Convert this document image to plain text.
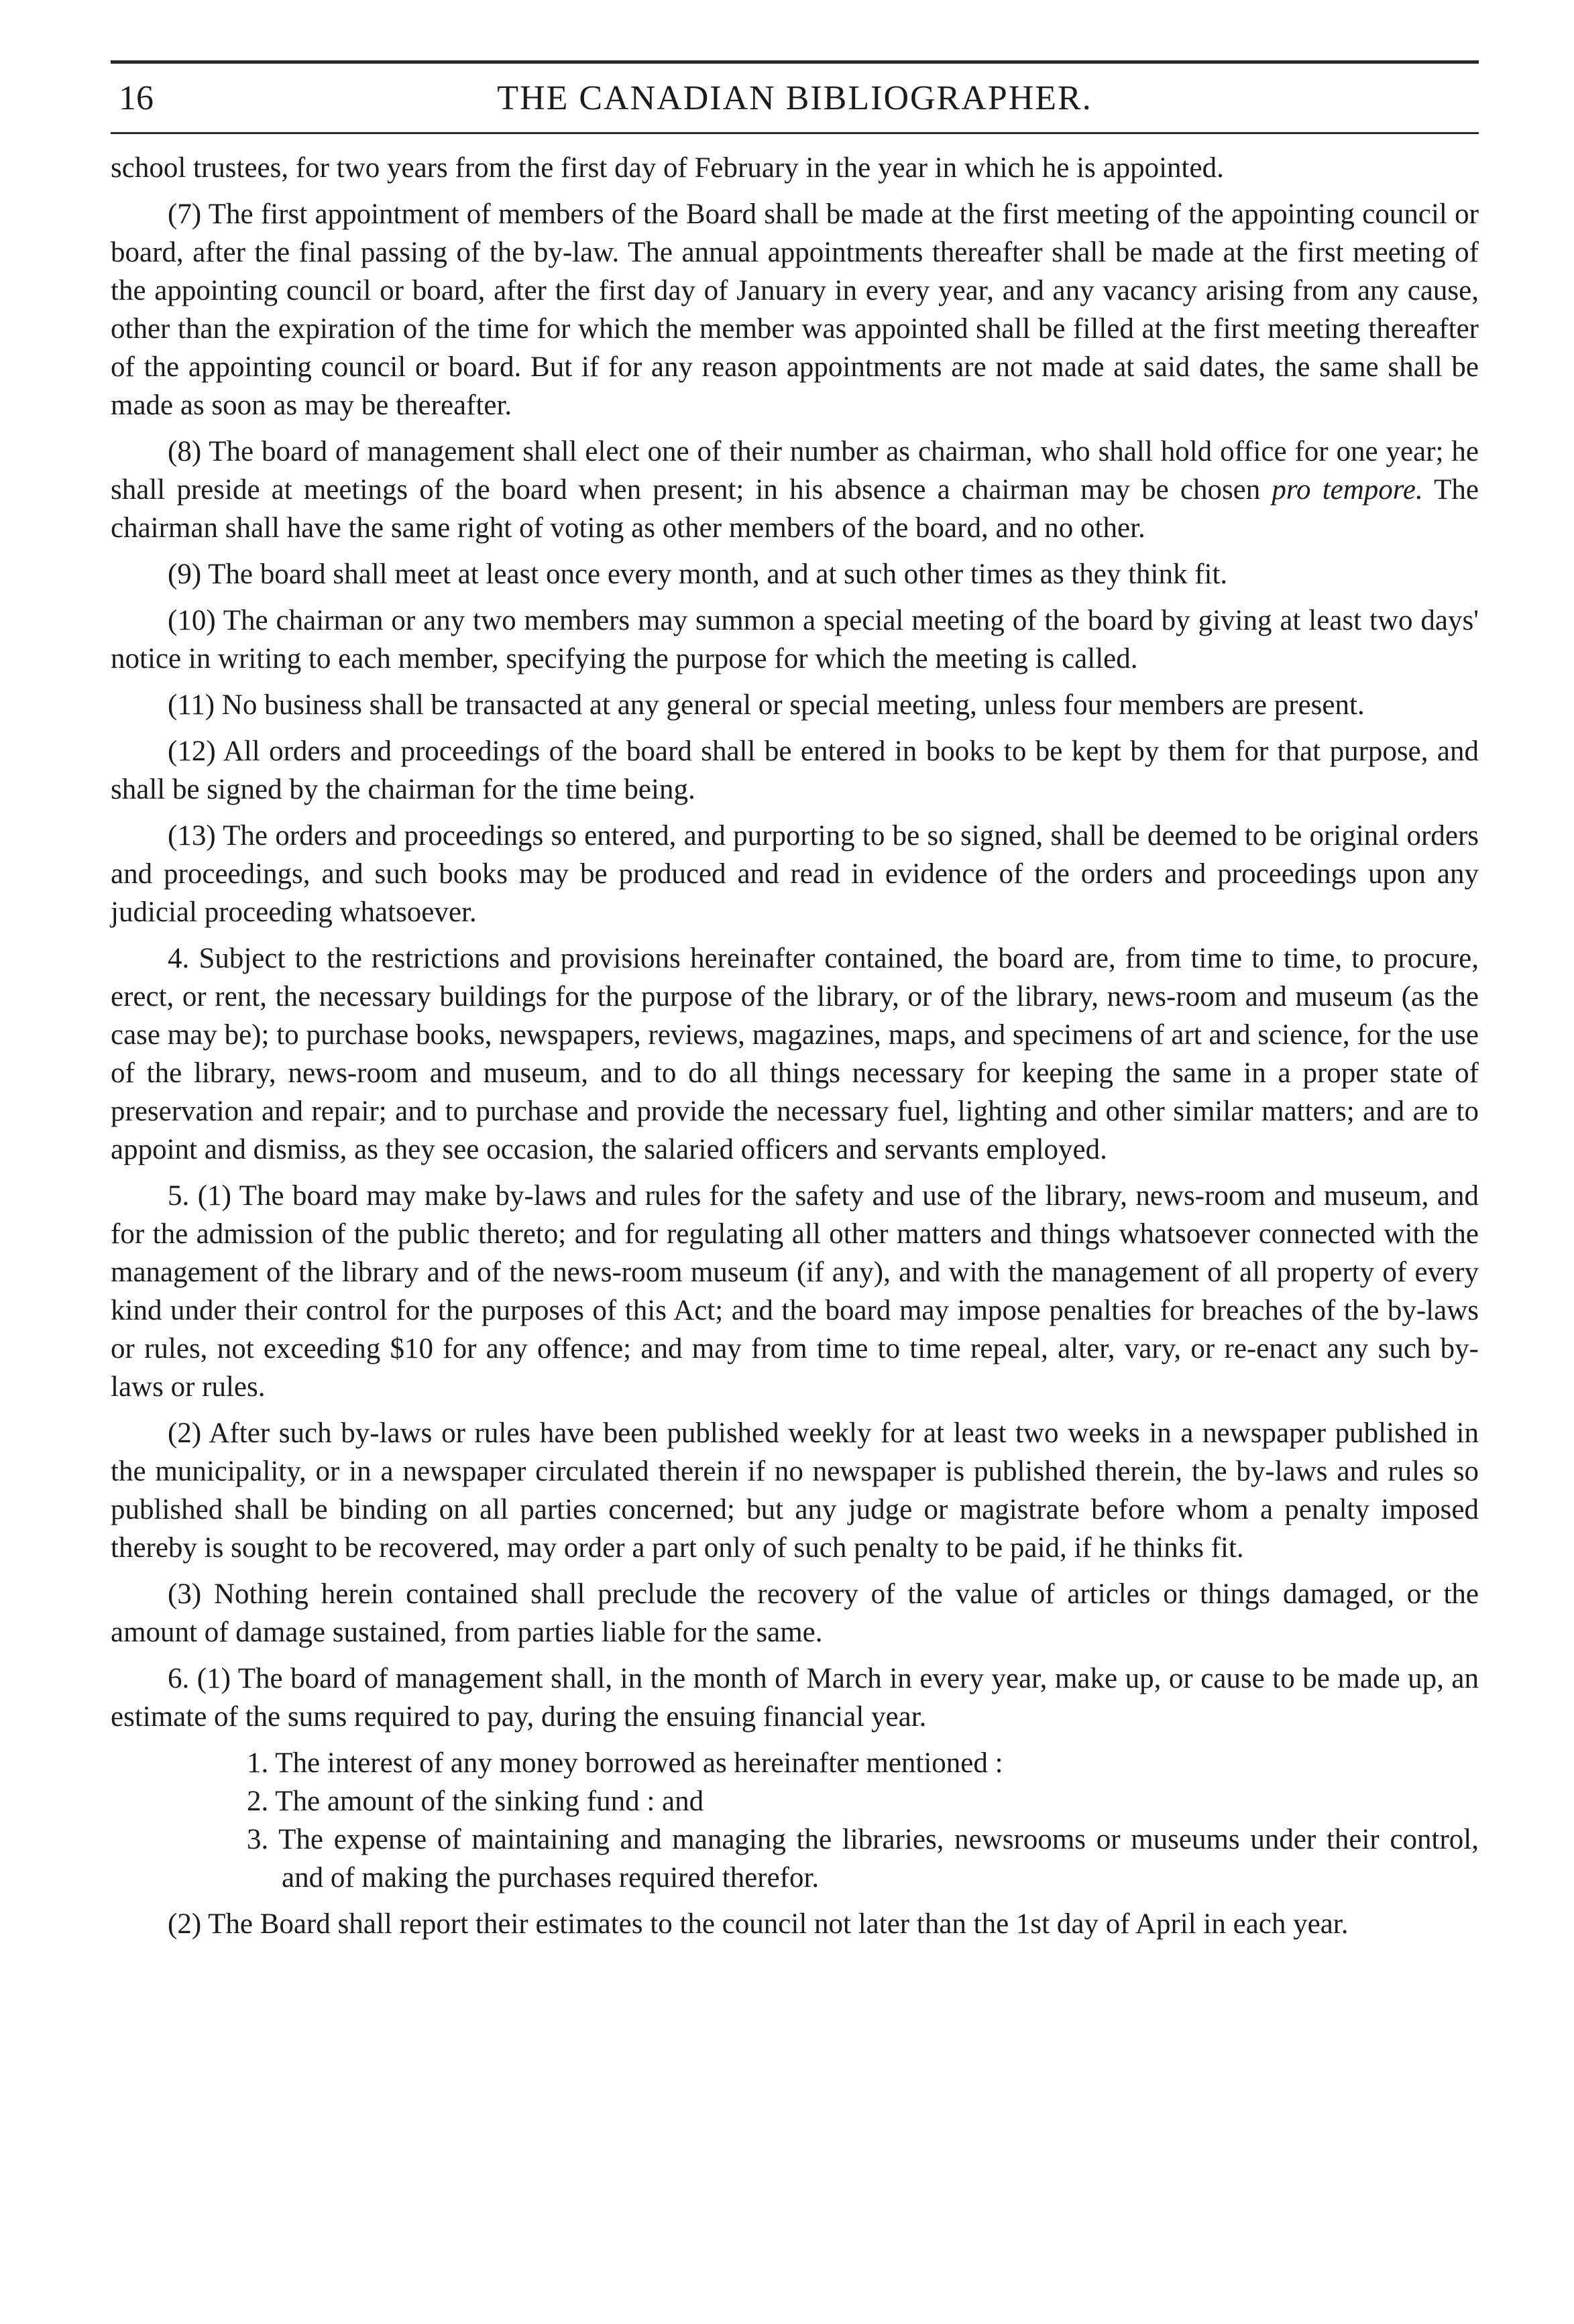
16	THE CANADIAN BIBLIOGRAPHER.

school trustees, for two years from the first day of February in the year in which he is appointed.

(7) The first appointment of members of the Board shall be made at the first meeting of the appointing council or board, after the final passing of the by-law. The annual appointments thereafter shall be made at the first meeting of the appointing council or board, after the first day of January in every year, and any vacancy arising from any cause, other than the expiration of the time for which the member was appointed shall be filled at the first meeting thereafter of the appointing council or board. But if for any reason appointments are not made at said dates, the same shall be made as soon as may be thereafter.

(8) The board of management shall elect one of their number as chairman, who shall hold office for one year; he shall preside at meetings of the board when present; in his absence a chairman may be chosen pro tempore. The chairman shall have the same right of voting as other members of the board, and no other.

(9) The board shall meet at least once every month, and at such other times as they think fit.

(10) The chairman or any two members may summon a special meeting of the board by giving at least two days' notice in writing to each member, specifying the purpose for which the meeting is called.

(11) No business shall be transacted at any general or special meeting, unless four members are present.

(12) All orders and proceedings of the board shall be entered in books to be kept by them for that purpose, and shall be signed by the chairman for the time being.

(13) The orders and proceedings so entered, and purporting to be so signed, shall be deemed to be original orders and proceedings, and such books may be produced and read in evidence of the orders and proceedings upon any judicial proceeding whatsoever.

4. Subject to the restrictions and provisions hereinafter contained, the board are, from time to time, to procure, erect, or rent, the necessary buildings for the purpose of the library, or of the library, news-room and museum (as the case may be); to purchase books, newspapers, reviews, magazines, maps, and specimens of art and science, for the use of the library, news-room and museum, and to do all things necessary for keeping the same in a proper state of preservation and repair; and to purchase and provide the necessary fuel, lighting and other similar matters; and are to appoint and dismiss, as they see occasion, the salaried officers and servants employed.

5. (1) The board may make by-laws and rules for the safety and use of the library, news-room and museum, and for the admission of the public thereto; and for regulating all other matters and things whatsoever connected with the management of the library and of the news-room museum (if any), and with the management of all property of every kind under their control for the purposes of this Act; and the board may impose penalties for breaches of the by-laws or rules, not exceeding $10 for any offence; and may from time to time repeal, alter, vary, or re-enact any such by-laws or rules.

(2) After such by-laws or rules have been published weekly for at least two weeks in a newspaper published in the municipality, or in a newspaper circulated therein if no newspaper is published therein, the by-laws and rules so published shall be binding on all parties concerned; but any judge or magistrate before whom a penalty imposed thereby is sought to be recovered, may order a part only of such penalty to be paid, if he thinks fit.

(3) Nothing herein contained shall preclude the recovery of the value of articles or things damaged, or the amount of damage sustained, from parties liable for the same.

6. (1) The board of management shall, in the month of March in every year, make up, or cause to be made up, an estimate of the sums required to pay, during the ensuing financial year.

1. The interest of any money borrowed as hereinafter mentioned :
2. The amount of the sinking fund : and
3. The expense of maintaining and managing the libraries, newsrooms or museums under their control, and of making the purchases required therefor.

(2) The Board shall report their estimates to the council not later than the 1st day of April in each year.
